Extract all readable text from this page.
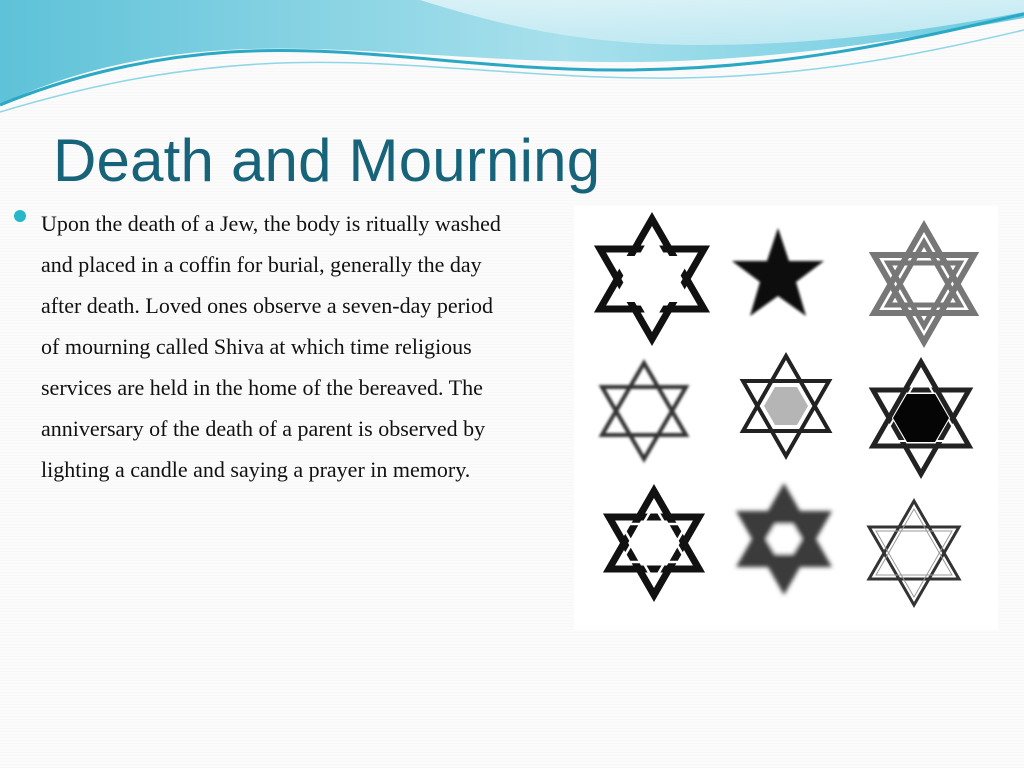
Death and Mourning

Upon the death of a Jew, the body is ritually washed and placed in a coffin for burial, generally the day after death. Loved ones observe a seven-day period of mourning called Shiva at which time religious services are held in the home of the bereaved. The anniversary of the death of a parent is observed by lighting a candle and saying a prayer in memory.
